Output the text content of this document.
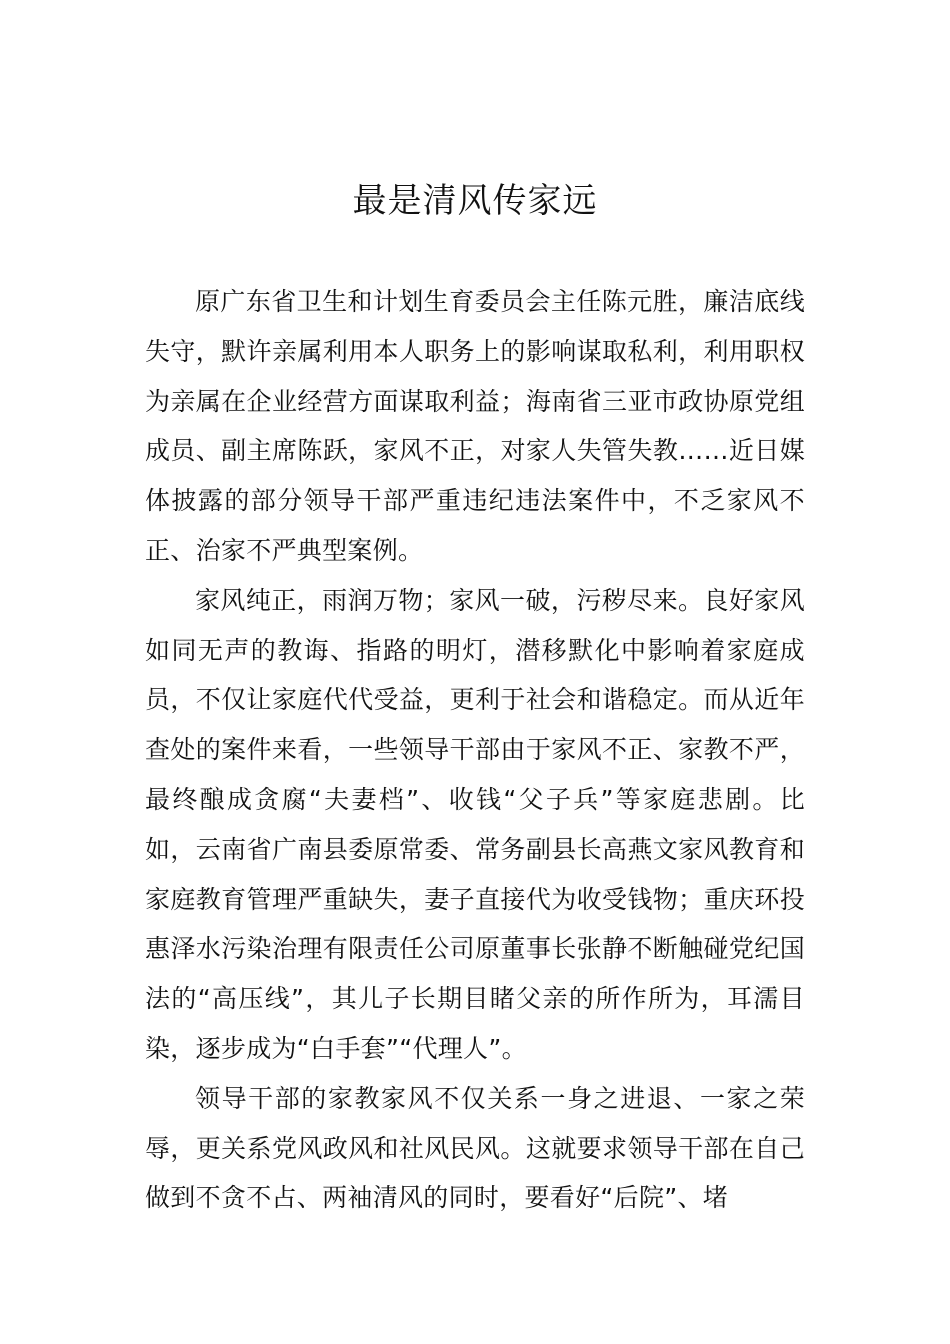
最是清风传家远

原广东省卫生和计划生育委员会主任陈元胜，廉洁底线失守，默许亲属利用本人职务上的影响谋取私利，利用职权为亲属在企业经营方面谋取利益；海南省三亚市政协原党组成员、副主席陈跃，家风不正，对家人失管失教……近日媒体披露的部分领导干部严重违纪违法案件中，不乏家风不正、治家不严典型案例。

家风纯正，雨润万物；家风一破，污秽尽来。良好家风如同无声的教诲、指路的明灯，潜移默化中影响着家庭成员，不仅让家庭代代受益，更利于社会和谐稳定。而从近年查处的案件来看，一些领导干部由于家风不正、家教不严，最终酿成贪腐“夫妻档”、收钱“父子兵”等家庭悲剧。比如，云南省广南县委原常委、常务副县长高燕文家风教育和家庭教育管理严重缺失，妻子直接代为收受钱物；重庆环投惠泽水污染治理有限责任公司原董事长张静不断触碰党纪国法的“高压线”，其儿子长期目睹父亲的所作所为，耳濡目染，逐步成为“白手套”“代理人”。

领导干部的家教家风不仅关系一身之进退、一家之荣辱，更关系党风政风和社风民风。这就要求领导干部在自己做到不贪不占、两袖清风的同时，要看好“后院”、堵
